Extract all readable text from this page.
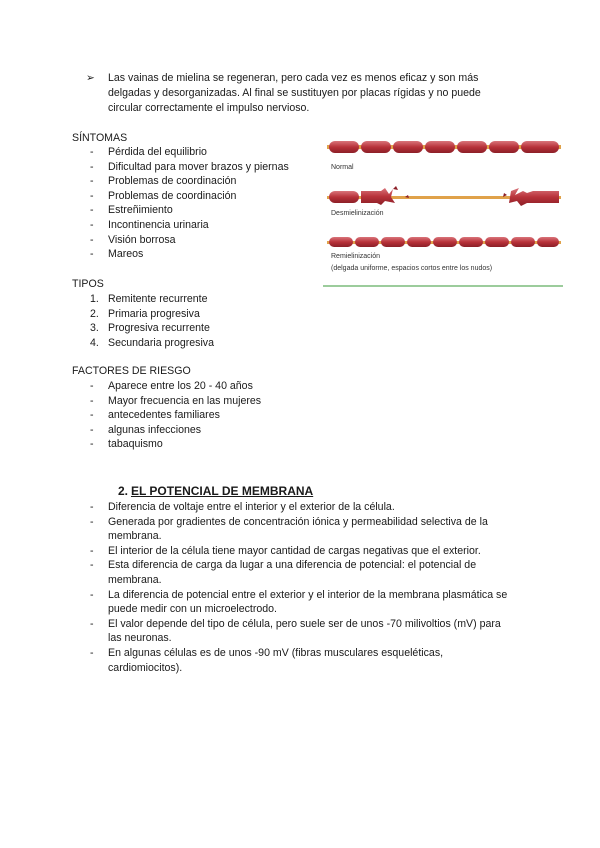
➢ Las vainas de mielina se regeneran, pero cada vez es menos eficaz y son más
delgadas y desorganizadas. Al final se sustituyen por placas rígidas y no puede
circular correctamente el impulso nervioso.
SÍNTOMAS
- Pérdida del equilibrio
- Dificultad para mover brazos y piernas
- Problemas de coordinación
- Problemas de coordinación
- Estreñimiento
- Incontinencia urinaria
- Visión borrosa
- Mareos
TIPOS
1. Remitente recurrente
2. Primaria progresiva
3. Progresiva recurrente
4. Secundaria progresiva
FACTORES DE RIESGO
- Aparece entre los 20 - 40 años
- Mayor frecuencia en las mujeres
- antecedentes familiares
- algunas infecciones
- tabaquismo
Normal
Desmielinización
Remielinización
(delgada uniforme, espacios cortos entre los nudos)
2. EL POTENCIAL DE MEMBRANA
- Diferencia de voltaje entre el interior y el exterior de la célula.
- Generada por gradientes de concentración iónica y permeabilidad selectiva de la
membrana.
- El interior de la célula tiene mayor cantidad de cargas negativas que el exterior.
- Esta diferencia de carga da lugar a una diferencia de potencial: el potencial de
membrana.
- La diferencia de potencial entre el exterior y el interior de la membrana plasmática se
puede medir con un microelectrodo.
- El valor depende del tipo de célula, pero suele ser de unos -70 milivoltios (mV) para
las neuronas.
- En algunas células es de unos -90 mV (fibras musculares esqueléticas,
cardiomiocitos).
